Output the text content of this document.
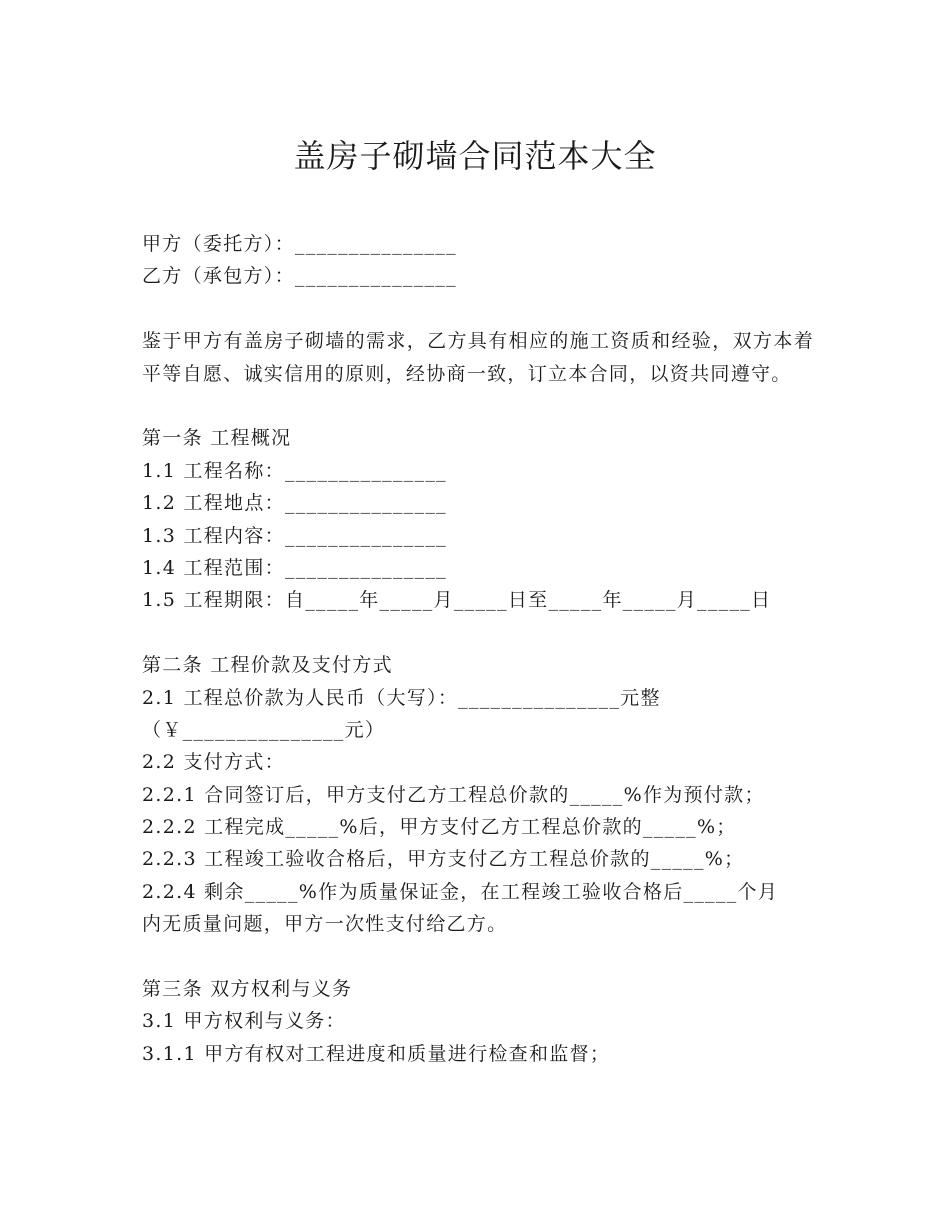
盖房子砌墙合同范本大全
甲方（委托方）：_______________
乙方（承包方）：_______________
鉴于甲方有盖房子砌墙的需求，乙方具有相应的施工资质和经验，双方本着平等自愿、诚实信用的原则，经协商一致，订立本合同，以资共同遵守。
第一条 工程概况
1.1 工程名称：_______________
1.2 工程地点：_______________
1.3 工程内容：_______________
1.4 工程范围：_______________
1.5 工程期限：自_____年_____月_____日至_____年_____月_____日
第二条 工程价款及支付方式
2.1 工程总价款为人民币（大写）：_______________元整
（￥_______________元）
2.2 支付方式：
2.2.1 合同签订后，甲方支付乙方工程总价款的_____%作为预付款；
2.2.2 工程完成_____%后，甲方支付乙方工程总价款的_____%；
2.2.3 工程竣工验收合格后，甲方支付乙方工程总价款的_____%；
2.2.4 剩余_____%作为质量保证金，在工程竣工验收合格后_____个月
内无质量问题，甲方一次性支付给乙方。
第三条 双方权利与义务
3.1 甲方权利与义务：
3.1.1 甲方有权对工程进度和质量进行检查和监督；
